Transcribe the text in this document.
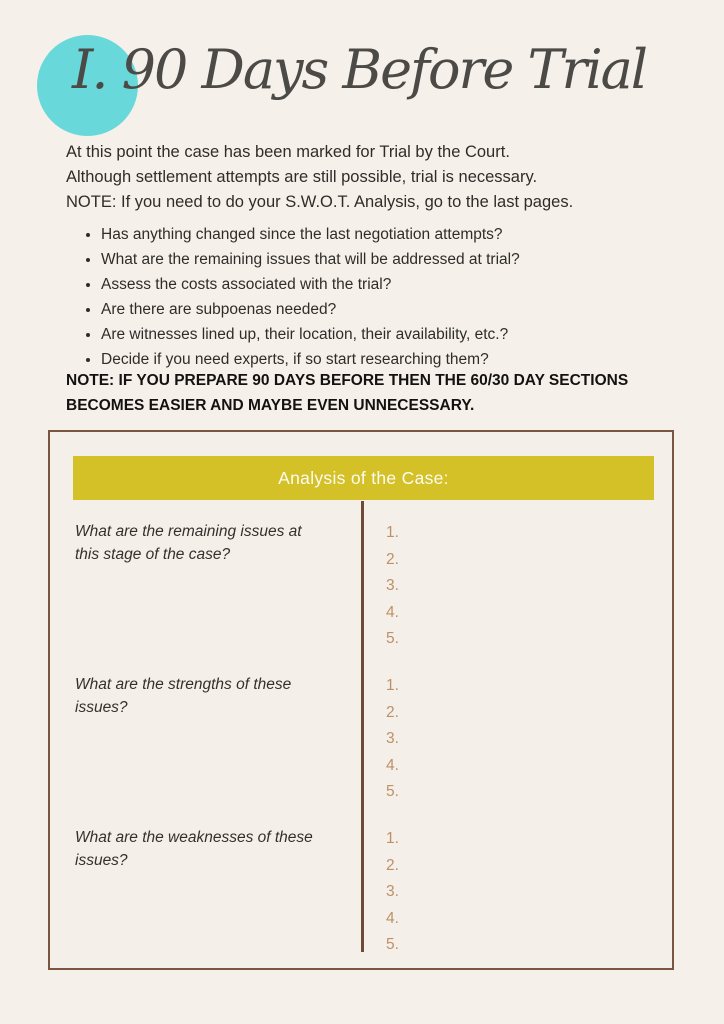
I. 90 Days Before Trial
At this point the case has been marked for Trial by the Court.
Although settlement attempts are still possible, trial is necessary.
NOTE: If you need to do your S.W.O.T. Analysis, go to the last pages.
• Has anything changed since the last negotiation attempts?
• What are the remaining issues that will be addressed at trial?
• Assess the costs associated with the trial?
• Are there are subpoenas needed?
• Are witnesses lined up, their location, their availability, etc.?
• Decide if you need experts, if so start researching them?
NOTE: IF YOU PREPARE 90 DAYS BEFORE THEN THE 60/30 DAY SECTIONS
BECOMES EASIER AND MAYBE EVEN UNNECESSARY.
Analysis of the Case:
What are the remaining issues at this stage of the case?
1.
2.
3.
4.
5.
What are the strengths of these issues?
1.
2.
3.
4.
5.
What are the weaknesses of these issues?
1.
2.
3.
4.
5.
